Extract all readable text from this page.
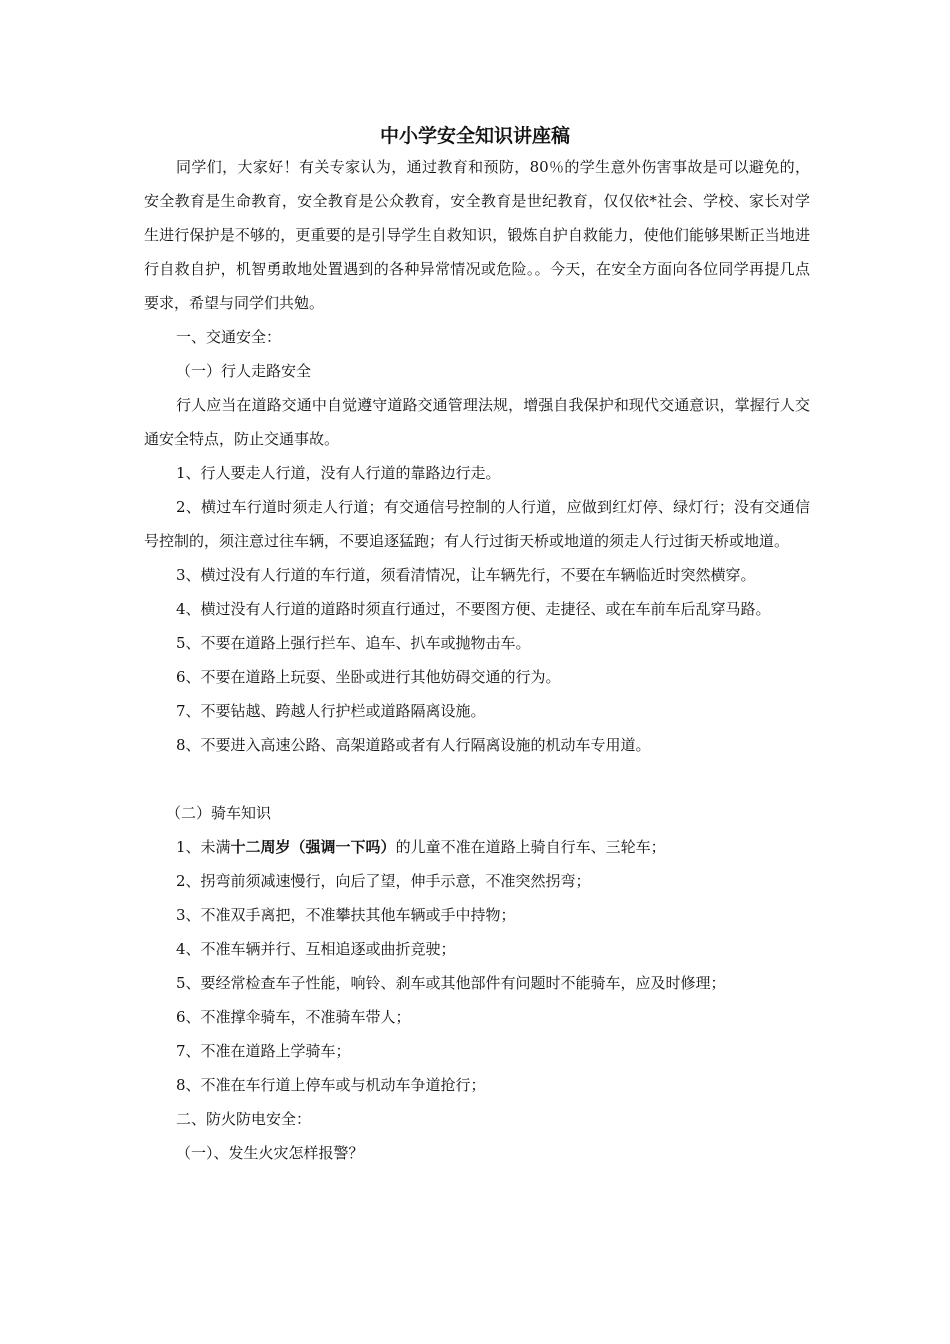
中小学安全知识讲座稿

同学们，大家好！有关专家认为，通过教育和预防，80％的学生意外伤害事故是可以避免的，安全教育是生命教育，安全教育是公众教育，安全教育是世纪教育，仅仅依*社会、学校、家长对学生进行保护是不够的，更重要的是引导学生自救知识，锻炼自护自救能力，使他们能够果断正当地进行自救自护，机智勇敢地处置遇到的各种异常情况或危险。。今天，在安全方面向各位同学再提几点要求，希望与同学们共勉。

一、交通安全：

（一）行人走路安全

行人应当在道路交通中自觉遵守道路交通管理法规，增强自我保护和现代交通意识，掌握行人交通安全特点，防止交通事故。

1、行人要走人行道，没有人行道的靠路边行走。

2、横过车行道时须走人行道；有交通信号控制的人行道，应做到红灯停、绿灯行；没有交通信号控制的，须注意过往车辆，不要追逐猛跑；有人行过街天桥或地道的须走人行过街天桥或地道。

3、横过没有人行道的车行道，须看清情况，让车辆先行，不要在车辆临近时突然横穿。

4、横过没有人行道的道路时须直行通过，不要图方便、走捷径、或在车前车后乱穿马路。

5、不要在道路上强行拦车、追车、扒车或抛物击车。

6、不要在道路上玩耍、坐卧或进行其他妨碍交通的行为。

7、不要钻越、跨越人行护栏或道路隔离设施。

8、不要进入高速公路、高架道路或者有人行隔离设施的机动车专用道。

（二）骑车知识

1、未满十二周岁（强调一下吗）的儿童不准在道路上骑自行车、三轮车；

2、拐弯前须减速慢行，向后了望，伸手示意，不准突然拐弯；

3、不准双手离把，不准攀扶其他车辆或手中持物；

4、不准车辆并行、互相追逐或曲折竞驶；

5、要经常检查车子性能，响铃、刹车或其他部件有问题时不能骑车，应及时修理；

6、不准撑伞骑车，不准骑车带人；

7、不准在道路上学骑车；

8、不准在车行道上停车或与机动车争道抢行；

二、防火防电安全：

（一）、发生火灾怎样报警？
